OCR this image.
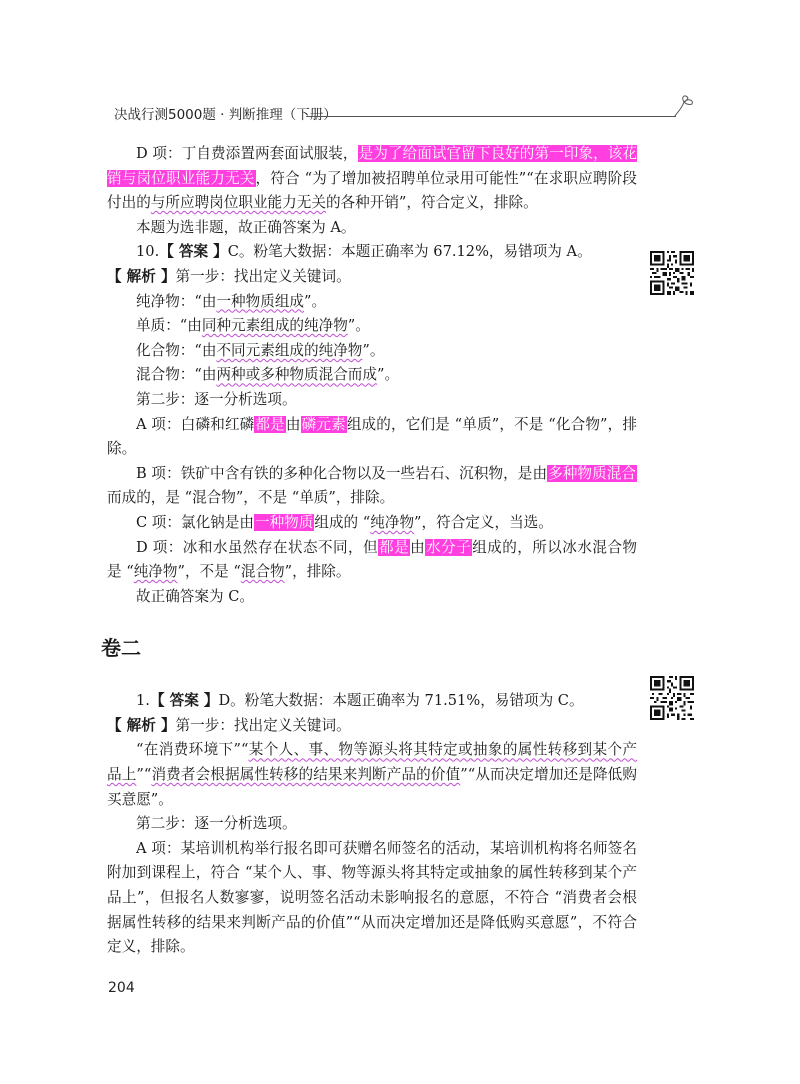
决战行测5000题 · 判断推理（下册）

D 项：丁自费添置两套面试服装，是为了给面试官留下良好的第一印象，该花销与岗位职业能力无关，符合 “为了增加被招聘单位录用可能性”“在求职应聘阶段付出的与所应聘岗位职业能力无关的各种开销”，符合定义，排除。

本题为选非题，故正确答案为 A。

10.【 答案 】C。粉笔大数据：本题正确率为 67.12%，易错项为 A。

【 解析 】第一步：找出定义关键词。

纯净物：“由一种物质组成”。

单质：“由同种元素组成的纯净物”。

化合物：“由不同元素组成的纯净物”。

混合物：“由两种或多种物质混合而成”。

第二步：逐一分析选项。

A 项：白磷和红磷都是由磷元素组成的，它们是 “单质”，不是 “化合物”，排除。

B 项：铁矿中含有铁的多种化合物以及一些岩石、沉积物，是由多种物质混合而成的，是 “混合物”，不是 “单质”，排除。

C 项：氯化钠是由一种物质组成的 “纯净物”，符合定义，当选。

D 项：冰和水虽然存在状态不同，但都是由水分子组成的，所以冰水混合物是 “纯净物”，不是 “混合物”，排除。

故正确答案为 C。

卷二

1.【 答案 】D。粉笔大数据：本题正确率为 71.51%，易错项为 C。

【 解析 】第一步：找出定义关键词。

“在消费环境下”“某个人、事、物等源头将其特定或抽象的属性转移到某个产品上”“消费者会根据属性转移的结果来判断产品的价值”“从而决定增加还是降低购买意愿”。

第二步：逐一分析选项。

A 项：某培训机构举行报名即可获赠名师签名的活动，某培训机构将名师签名附加到课程上，符合 “某个人、事、物等源头将其特定或抽象的属性转移到某个产品上”，但报名人数寥寥，说明签名活动未影响报名的意愿，不符合 “消费者会根据属性转移的结果来判断产品的价值”“从而决定增加还是降低购买意愿”，不符合定义，排除。

204
